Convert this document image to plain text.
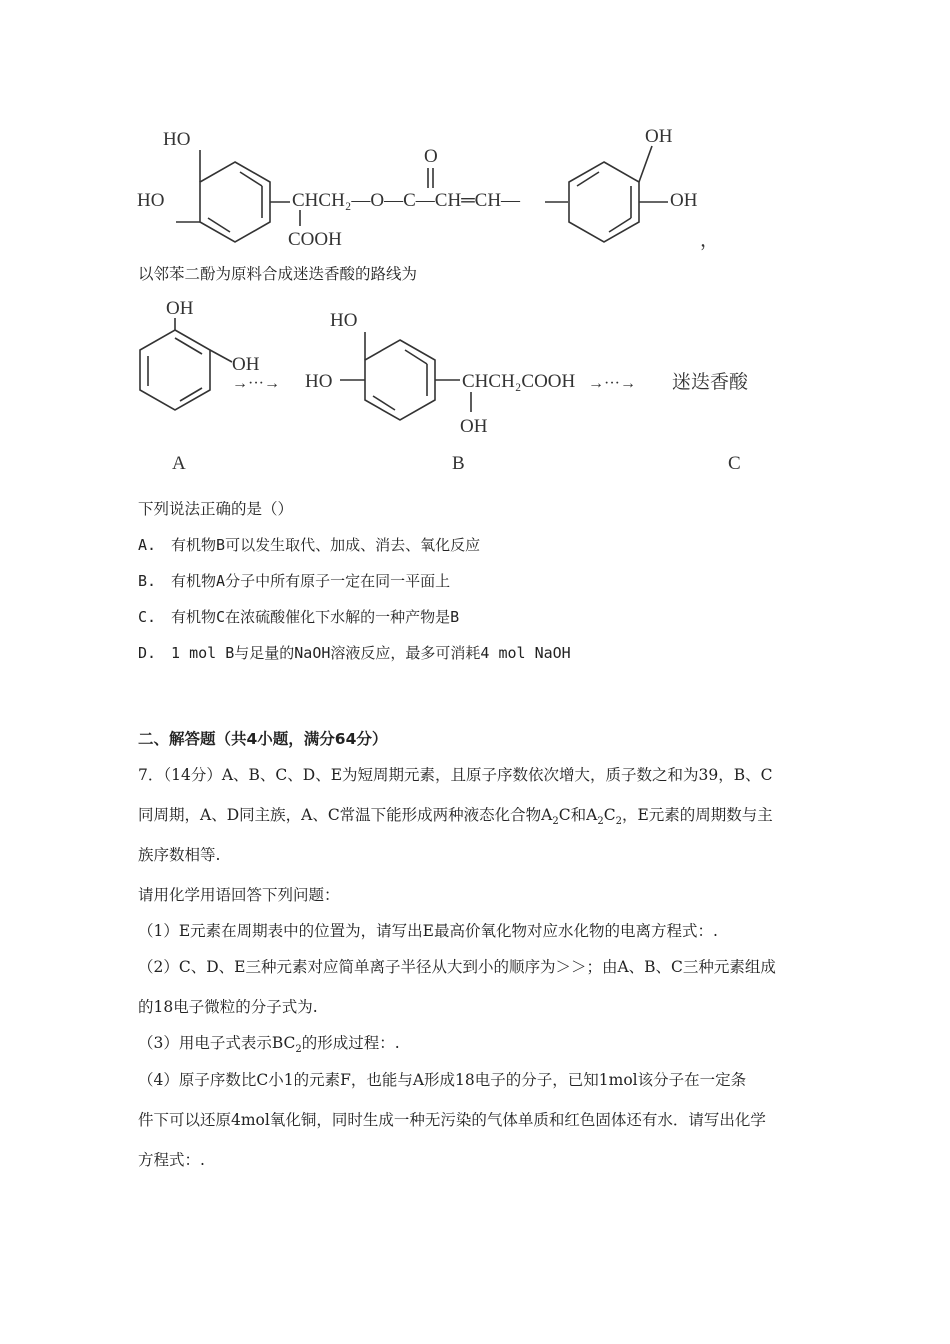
HO
HO	CHCH₂—O—C—CH═CH—
COOH
O
OH
OH
，
以邻苯二酚为原料合成迷迭香酸的路线为
OH
OH
→···→
HO
HO	CHCH₂COOH
OH
→···→ 迷迭香酸
A	B	C
下列说法正确的是（）
A.　有机物B可以发生取代、加成、消去、氧化反应
B.　有机物A分子中所有原子一定在同一平面上
C.　有机物C在浓硫酸催化下水解的一种产物是B
D.　1 mol B与足量的NaOH溶液反应，最多可消耗4 mol NaOH
二、解答题（共4小题，满分64分）
7．（14分）A、B、C、D、E为短周期元素，且原子序数依次增大，质子数之和为39，B、C
同周期，A、D同主族，A、C常温下能形成两种液态化合物$A_2C$和$A_2C_2$，E元素的周期数与主
族序数相等.
请用化学用语回答下列问题：
（1）E元素在周期表中的位置为，请写出E最高价氧化物对应水化物的电离方程式：.
（2）C、D、E三种元素对应简单离子半径从大到小的顺序为＞＞；由A、B、C三种元素组成
的18电子微粒的分子式为.
（3）用电子式表示$BC_2$的形成过程：.
（4）原子序数比C小1的元素F，也能与A形成18电子的分子，已知1mol该分子在一定条
件下可以还原4mol氧化铜，同时生成一种无污染的气体单质和红色固体还有水．请写出化学
方程式：.
